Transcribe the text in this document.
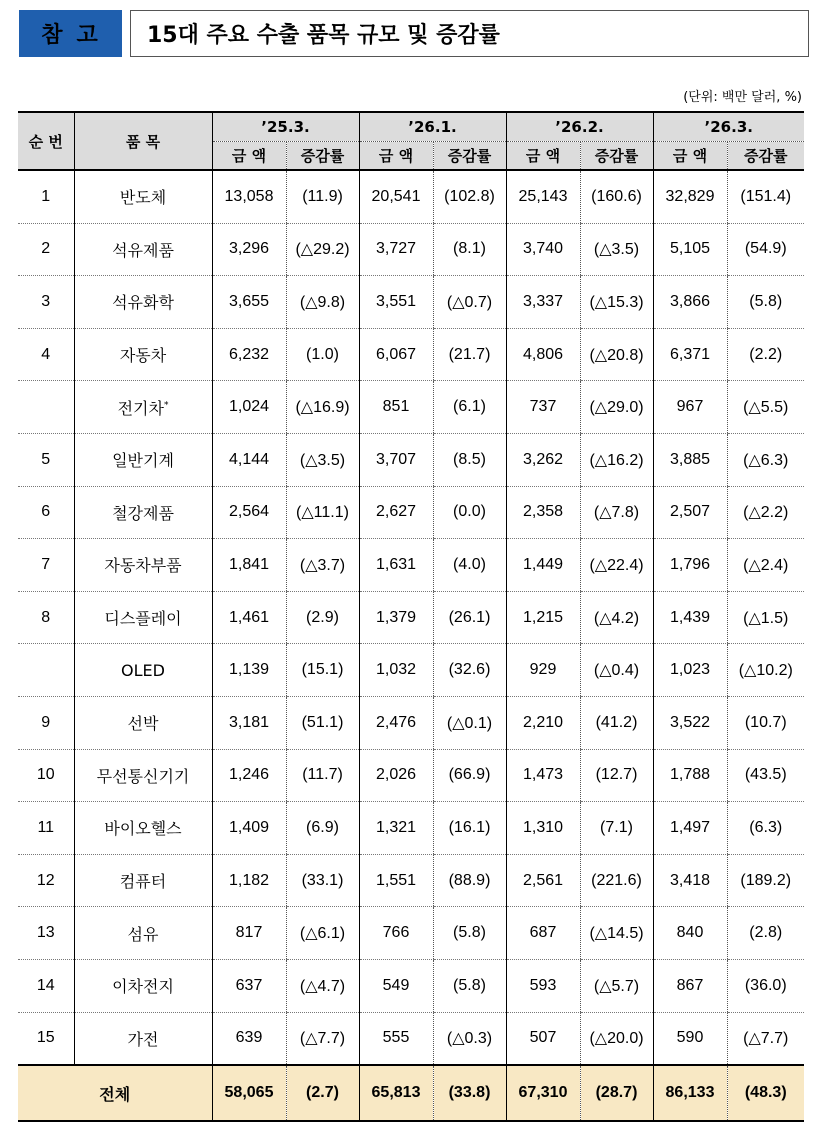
참고	15대 주요 수출 품목 규모 및 증감률
(단위: 백만 달러, %)
순 번	품 목	’25.3.		’26.1.		’26.2.		’26.3.	
		금 액	증감률	금 액	증감률	금 액	증감률	금 액	증감률
1	반도체	13,058	(11.9)	20,541	(102.8)	25,143	(160.6)	32,829	(151.4)
2	석유제품	3,296	(△29.2)	3,727	(8.1)	3,740	(△3.5)	5,105	(54.9)
3	석유화학	3,655	(△9.8)	3,551	(△0.7)	3,337	(△15.3)	3,866	(5.8)
4	자동차	6,232	(1.0)	6,067	(21.7)	4,806	(△20.8)	6,371	(2.2)
	전기차*	1,024	(△16.9)	851	(6.1)	737	(△29.0)	967	(△5.5)
5	일반기계	4,144	(△3.5)	3,707	(8.5)	3,262	(△16.2)	3,885	(△6.3)
6	철강제품	2,564	(△11.1)	2,627	(0.0)	2,358	(△7.8)	2,507	(△2.2)
7	자동차부품	1,841	(△3.7)	1,631	(4.0)	1,449	(△22.4)	1,796	(△2.4)
8	디스플레이	1,461	(2.9)	1,379	(26.1)	1,215	(△4.2)	1,439	(△1.5)
	OLED	1,139	(15.1)	1,032	(32.6)	929	(△0.4)	1,023	(△10.2)
9	선박	3,181	(51.1)	2,476	(△0.1)	2,210	(41.2)	3,522	(10.7)
10	무선통신기기	1,246	(11.7)	2,026	(66.9)	1,473	(12.7)	1,788	(43.5)
11	바이오헬스	1,409	(6.9)	1,321	(16.1)	1,310	(7.1)	1,497	(6.3)
12	컴퓨터	1,182	(33.1)	1,551	(88.9)	2,561	(221.6)	3,418	(189.2)
13	섬유	817	(△6.1)	766	(5.8)	687	(△14.5)	840	(2.8)
14	이차전지	637	(△4.7)	549	(5.8)	593	(△5.7)	867	(36.0)
15	가전	639	(△7.7)	555	(△0.3)	507	(△20.0)	590	(△7.7)
전체		58,065	(2.7)	65,813	(33.8)	67,310	(28.7)	86,133	(48.3)
